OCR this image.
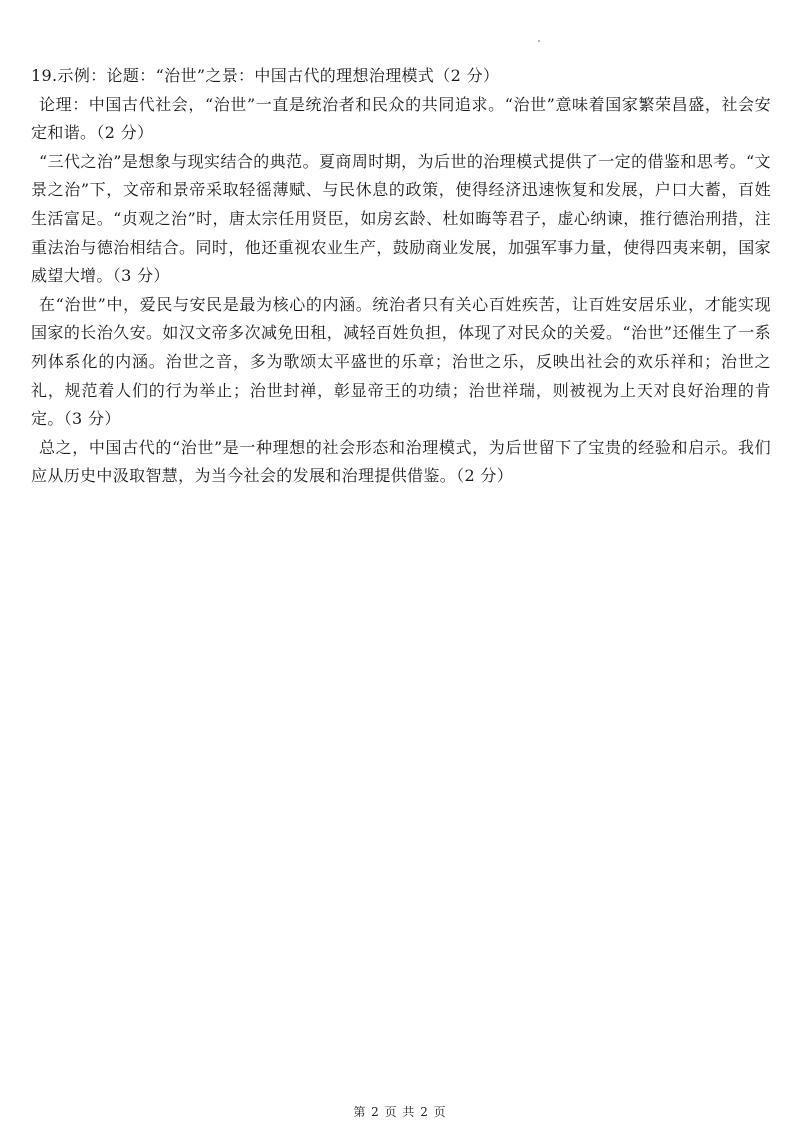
19.示例：论题：“治世”之景：中国古代的理想治理模式（2 分）

论理：中国古代社会，“治世”一直是统治者和民众的共同追求。“治世”意味着国家繁荣昌盛，社会安定和谐。（2 分）

“三代之治”是想象与现实结合的典范。夏商周时期，为后世的治理模式提供了一定的借鉴和思考。“文景之治”下，文帝和景帝采取轻徭薄赋、与民休息的政策，使得经济迅速恢复和发展，户口大蓄，百姓生活富足。“贞观之治”时，唐太宗任用贤臣，如房玄龄、杜如晦等君子，虚心纳谏，推行德治刑措，注重法治与德治相结合。同时，他还重视农业生产，鼓励商业发展，加强军事力量，使得四夷来朝，国家威望大增。（3 分）

在“治世”中，爱民与安民是最为核心的内涵。统治者只有关心百姓疾苦，让百姓安居乐业，才能实现国家的长治久安。如汉文帝多次减免田租，减轻百姓负担，体现了对民众的关爱。“治世”还催生了一系列体系化的内涵。治世之音，多为歌颂太平盛世的乐章；治世之乐，反映出社会的欢乐祥和；治世之礼，规范着人们的行为举止；治世封禅，彰显帝王的功绩；治世祥瑞，则被视为上天对良好治理的肯定。（3 分）

总之，中国古代的“治世”是一种理想的社会形态和治理模式，为后世留下了宝贵的经验和启示。我们应从历史中汲取智慧，为当今社会的发展和治理提供借鉴。（2 分）

第 2 页 共 2 页
